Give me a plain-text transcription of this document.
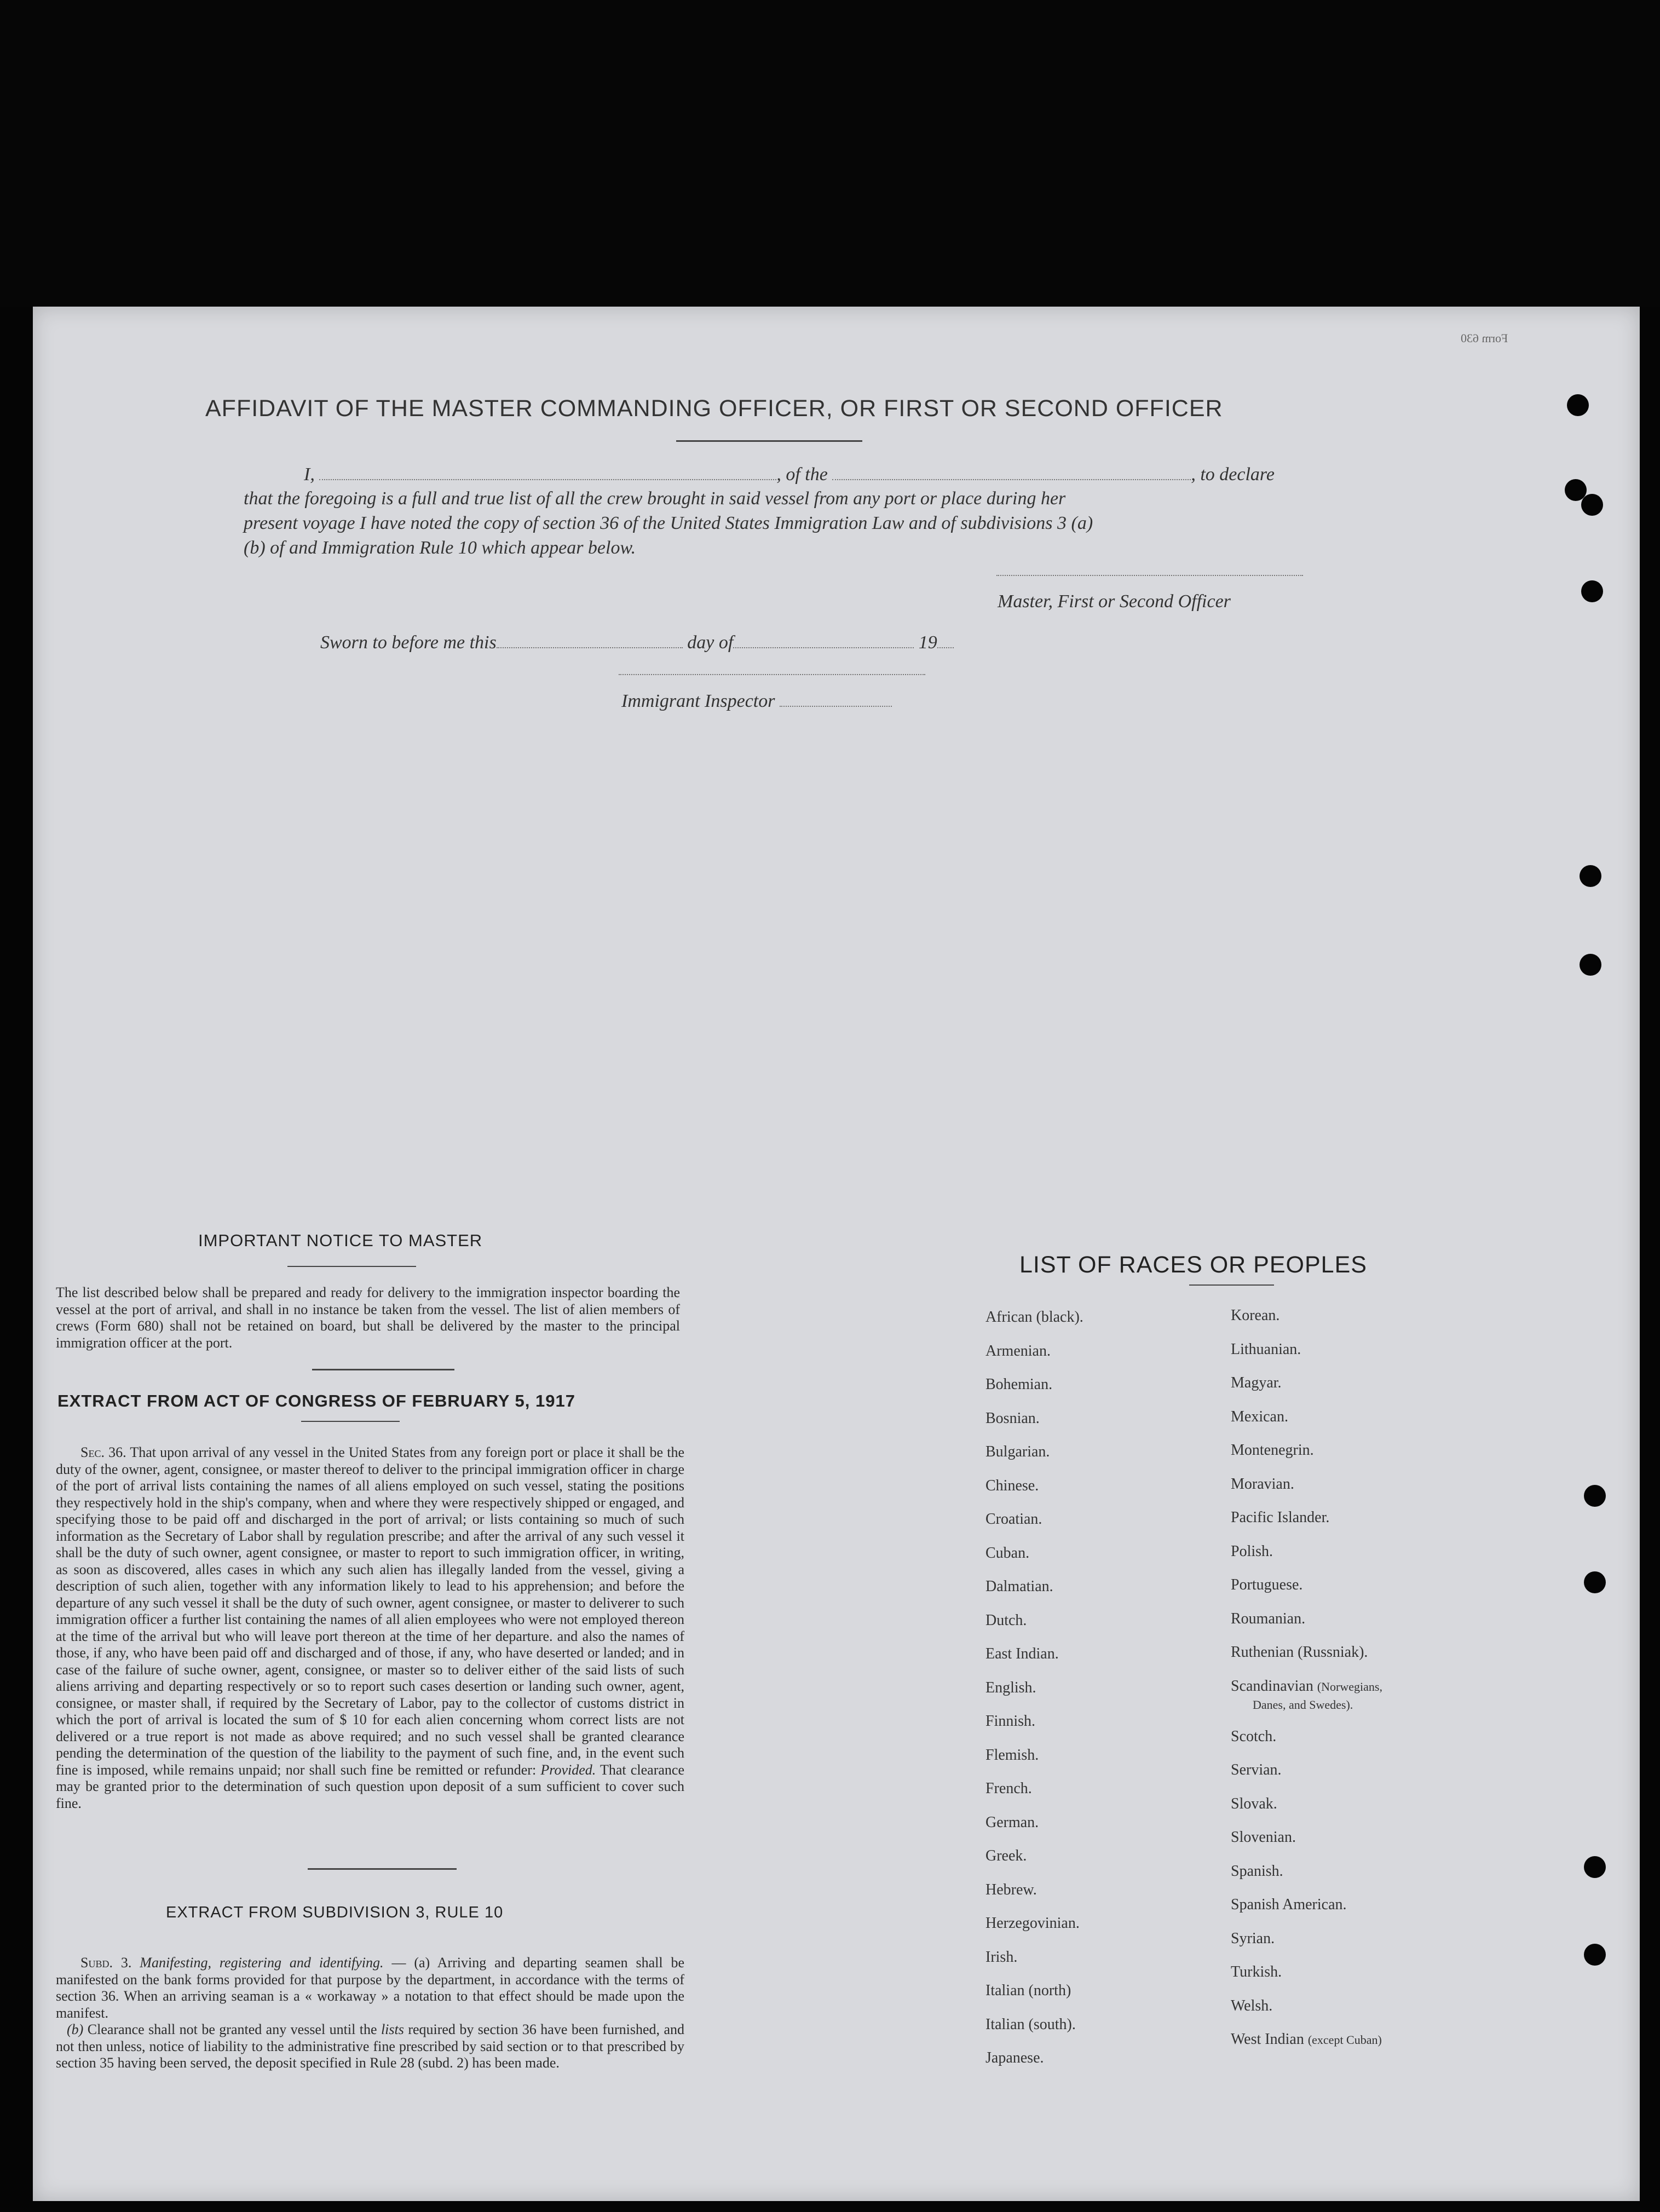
Form 630
AFFIDAVIT OF THE MASTER COMMANDING OFFICER, OR FIRST OR SECOND OFFICER
I,	, of the	, to declare
that the foregoing is a full and true list of all the crew brought in said vessel from any port or place during her
present voyage I have noted the copy of section 36 of the United States Immigration Law and of subdivisions 3 (a)
(b) of and Immigration Rule 10 which appear below.
Master, First or Second Officer
Sworn to before me this	day of	19
Immigrant Inspector
IMPORTANT NOTICE TO MASTER

The list described below shall be prepared and ready for delivery to the immigration inspector boarding the vessel at the port of arrival, and shall in no instance be taken from the vessel. The list of alien members of crews (Form 680) shall not be retained on board, but shall be delivered by the master to the principal immigration officer at the port.

EXTRACT FROM ACT OF CONGRESS OF FEBRUARY 5, 1917

Sec. 36. That upon arrival of any vessel in the United States from any foreign port or place it shall be the duty of the owner, agent, consignee, or master thereof to deliver to the principal immigration officer in charge of the port of arrival lists containing the names of all aliens employed on such vessel, stating the positions they respectively hold in the ship's company, when and where they were respectively shipped or engaged, and specifying those to be paid off and discharged in the port of arrival; or lists containing so much of such information as the Secretary of Labor shall by regulation prescribe; and after the arrival of any such vessel it shall be the duty of such owner, agent consignee, or master to report to such immigration officer, in writing, as soon as discovered, alles cases in which any such alien has illegally landed from the vessel, giving a description of such alien, together with any information likely to lead to his apprehension; and before the departure of any such vessel it shall be the duty of such owner, agent consignee, or master to deliverer to such immigration officer a further list containing the names of all alien employees who were not employed thereon at the time of the arrival but who will leave port thereon at the time of her departure. and also the names of those, if any, who have been paid off and discharged and of those, if any, who have deserted or landed; and in case of the failure of suche owner, agent, consignee, or master so to deliver either of the said lists of such aliens arriving and departing respectively or so to report such cases desertion or landing such owner, agent, consignee, or master shall, if required by the Secretary of Labor, pay to the collector of customs district in which the port of arrival is located the sum of $ 10 for each alien concerning whom correct lists are not delivered or a true report is not made as above required; and no such vessel shall be granted clearance pending the determination of the question of the liability to the payment of such fine, and, in the event such fine is imposed, while remains unpaid; nor shall such fine be remitted or refunder: Provided. That clearance may be granted prior to the determination of such question upon deposit of a sum sufficient to cover such fine.

EXTRACT FROM SUBDIVISION 3, RULE 10

Subd. 3. Manifesting, registering and identifying. — (a) Arriving and departing seamen shall be manifested on the bank forms provided for that purpose by the department, in accordance with the terms of section 36. When an arriving seaman is a « workaway » a notation to that effect should be made upon the manifest.

(b) Clearance shall not be granted any vessel until the lists required by section 36 have been furnished, and not then unless, notice of liability to the administrative fine prescribed by said section or to that prescribed by section 35 having been served, the deposit specified in Rule 28 (subd. 2) has been made.

LIST OF RACES OR PEOPLES
African (black).
Armenian.
Bohemian.
Bosnian.
Bulgarian.
Chinese.
Croatian.
Cuban.
Dalmatian.
Dutch.
East Indian.
English.
Finnish.
Flemish.
French.
German.
Greek.
Hebrew.
Herzegovinian.
Irish.
Italian (north)
Italian (south).
Japanese.
Korean.
Lithuanian.
Magyar.
Mexican.
Montenegrin.
Moravian.
Pacific Islander.
Polish.
Portuguese.
Roumanian.
Ruthenian (Russniak).
Scandinavian (Norwegians,
Danes, and Swedes).
Scotch.
Servian.
Slovak.
Slovenian.
Spanish.
Spanish American.
Syrian.
Turkish.
Welsh.
West Indian (except Cuban)
